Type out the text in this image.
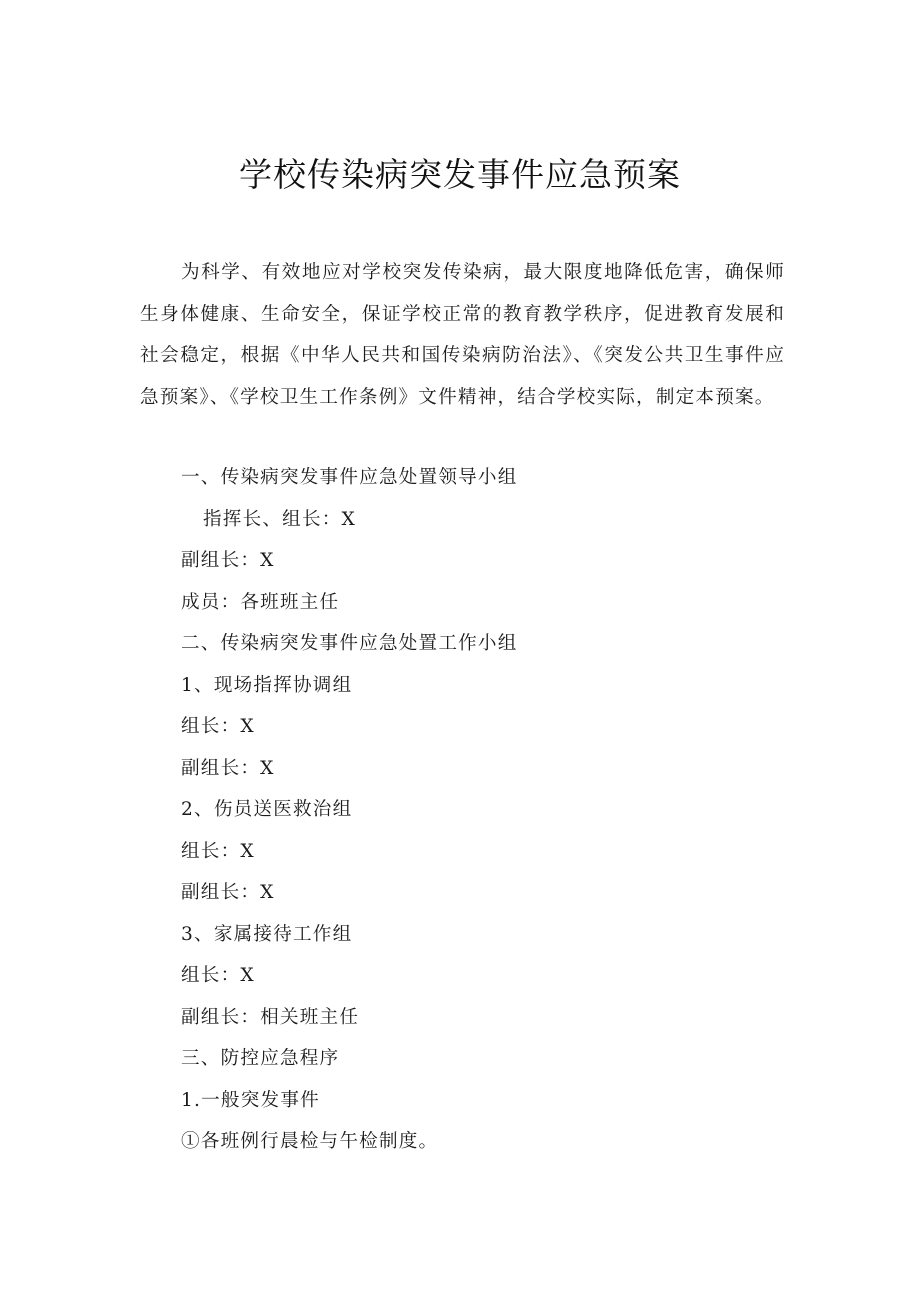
学校传染病突发事件应急预案

为科学、有效地应对学校突发传染病，最大限度地降低危害，确保师生身体健康、生命安全，保证学校正常的教育教学秩序，促进教育发展和社会稳定，根据《中华人民共和国传染病防治法》、《突发公共卫生事件应急预案》、《学校卫生工作条例》文件精神，结合学校实际，制定本预案。

一、传染病突发事件应急处置领导小组
指挥长、组长：X
副组长：X
成员：各班班主任
二、传染病突发事件应急处置工作小组
1、现场指挥协调组
组长：X
副组长：X
2、伤员送医救治组
组长：X
副组长：X
3、家属接待工作组
组长：X
副组长：相关班主任
三、防控应急程序
1.一般突发事件
①各班例行晨检与午检制度。
